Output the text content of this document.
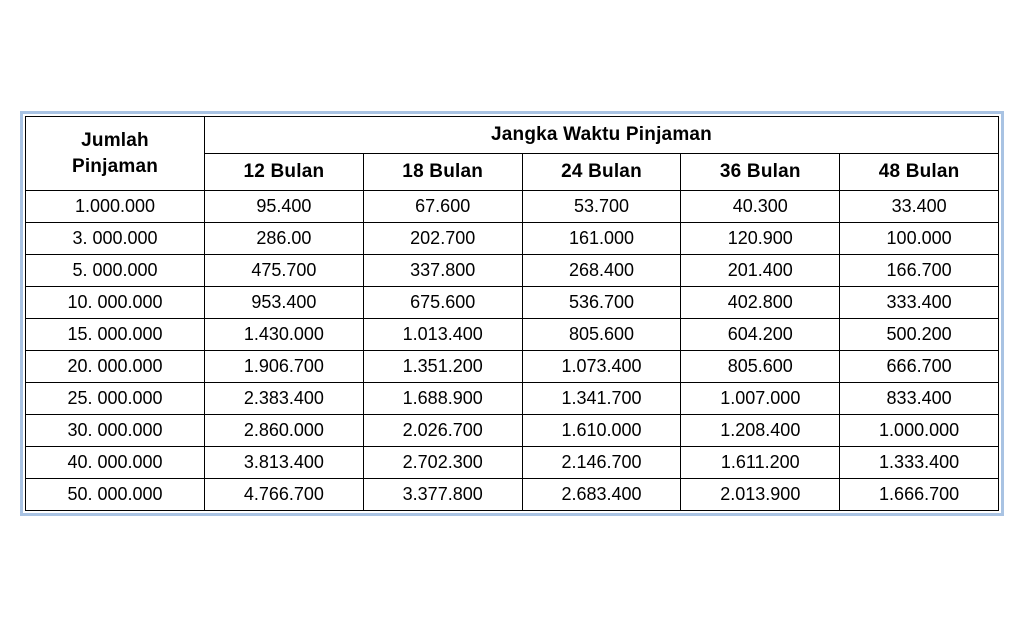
Jumlah
Pinjaman	Jangka Waktu Pinjaman				
	12 Bulan	18 Bulan	24 Bulan	36 Bulan	48 Bulan
1.000.000	95.400	67.600	53.700	40.300	33.400
3. 000.000	286.00	202.700	161.000	120.900	100.000
5. 000.000	475.700	337.800	268.400	201.400	166.700
10. 000.000	953.400	675.600	536.700	402.800	333.400
15. 000.000	1.430.000	1.013.400	805.600	604.200	500.200
20. 000.000	1.906.700	1.351.200	1.073.400	805.600	666.700
25. 000.000	2.383.400	1.688.900	1.341.700	1.007.000	833.400
30. 000.000	2.860.000	2.026.700	1.610.000	1.208.400	1.000.000
40. 000.000	3.813.400	2.702.300	2.146.700	1.611.200	1.333.400
50. 000.000	4.766.700	3.377.800	2.683.400	2.013.900	1.666.700
